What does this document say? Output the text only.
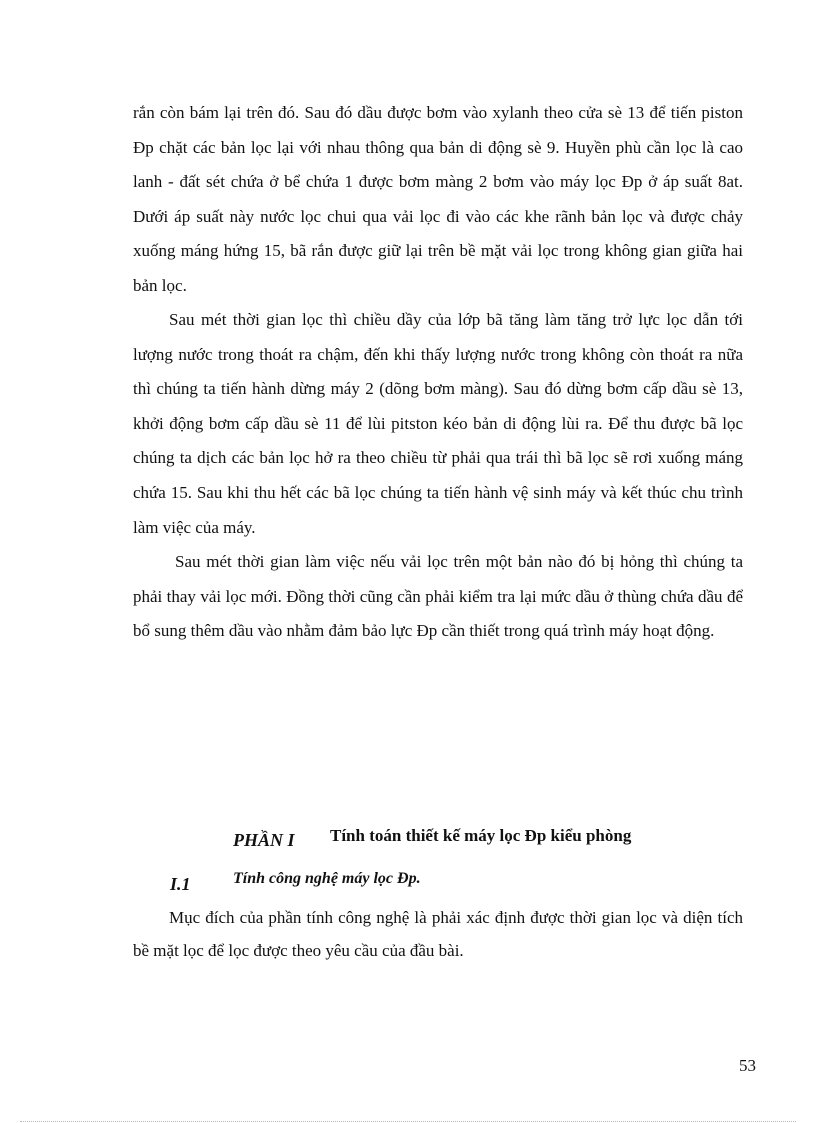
rắn còn bám lại trên đó. Sau đó dầu được bơm vào xylanh theo cửa sè 13 để tiến piston Đp chặt các bản lọc lại với nhau thông qua bản di động sè 9. Huyền phù cần lọc là cao lanh - đất sét chứa ở bể chứa 1 được bơm màng 2 bơm vào máy lọc Đp ở áp suất 8at. Dưới áp suất này nước lọc chui qua vải lọc đi vào các khe rãnh bản lọc và được chảy xuống máng hứng 15, bã rắn được giữ lại trên bề mặt vải lọc trong không gian giữa hai bản lọc.

Sau mét thời gian lọc thì chiều dầy của lớp bã tăng làm tăng trở lực lọc dẫn tới lượng nước trong thoát ra chậm, đến khi thấy lượng nước trong không còn thoát ra nữa thì chúng ta tiến hành dừng máy 2 (dõng bơm màng). Sau đó dừng bơm cấp dầu sè 13, khởi động bơm cấp dầu sè 11 để lùi pitston kéo bản di động lùi ra. Để thu được bã lọc chúng ta dịch các bản lọc hở ra theo chiều từ phải qua trái thì bã lọc sẽ rơi xuống máng chứa 15. Sau khi thu hết các bã lọc chúng ta tiến hành vệ sinh máy và kết thúc chu trình làm việc của máy.

Sau mét thời gian làm việc nếu vải lọc trên một bản nào đó bị hỏng thì chúng ta phải thay vải lọc mới. Đồng thời cũng cần phải kiểm tra lại mức dầu ở thùng chứa dầu để bổ sung thêm dầu vào nhằm đảm bảo lực Đp cần thiết trong quá trình máy hoạt động.

PHẦN I Tính toán thiết kế máy lọc Đp kiểu phòng
I.1	Tính công nghệ máy lọc Đp.

Mục đích của phần tính công nghệ là phải xác định được thời gian lọc và diện tích bề mặt lọc để lọc được theo yêu cầu của đầu bài.

53
